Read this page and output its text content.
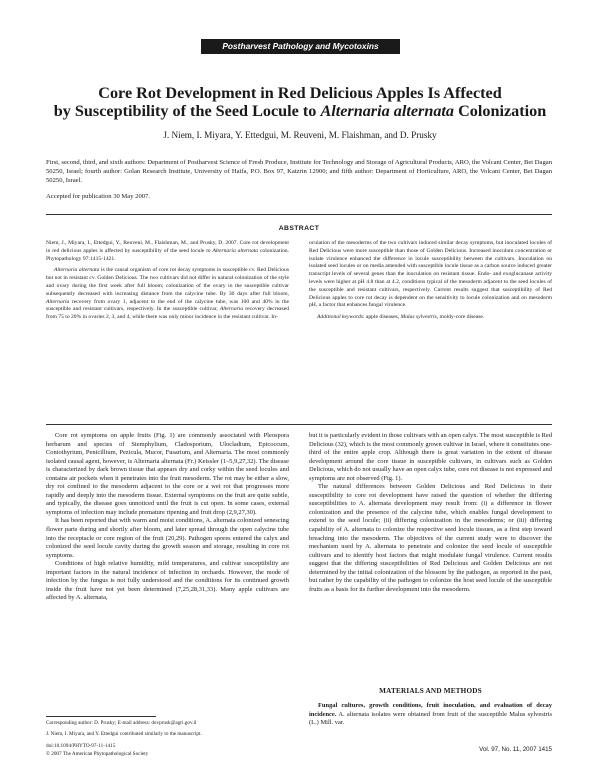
Postharvest Pathology and Mycotoxins
Core Rot Development in Red Delicious Apples Is Affected
by Susceptibility of the Seed Locule to Alternaria alternata Colonization
J. Niem, I. Miyara, Y. Ettedgui, M. Reuveni, M. Flaishman, and D. Prusky
First, second, third, and sixth authors: Department of Postharvest Science of Fresh Produce, Institute for Technology and Storage of Agricultural Products, ARO, the Volcani Center, Bet Dagan 50250, Israel; fourth author: Golan Research Institute, University of Haifa, P.O. Box 97, Katzrin 12900; and fifth author: Department of Horticulture, ARO, the Volcani Center, Bet Dagan 50250, Israel.
Accepted for publication 30 May 2007.
ABSTRACT

Niem, J., Miyara, I., Ettedgui, Y., Reuveni, M., Flaishman, M., and Prusky, D. 2007. Core rot development in red delicious apples is affected by susceptibility of the seed locule to Alternaria alternata colonization. Phytopathology 97:1415-1421.

Alternaria alternata is the causal organism of core rot decay symptoms in susceptible cv. Red Delicious but not in resistant cv. Golden Delicious. The two cultivars did not differ in natural colonization of the style and ovary during the first week after full bloom; colonization of the ovary in the susceptible cultivar subsequently decreased with increasing distance from the calycine tube. By 30 days after full bloom, Alternaria recovery from ovary 1, adjacent to the end of the calycine tube, was 100 and 40% in the susceptible and resistant cultivars, respectively. In the susceptible cultivar, Alternaria recovery decreased from 75 to 20% in ovaries 2, 3, and 4, while there was only minor incidence in the resistant cultivar. In-

oculation of the mesoderms of the two cultivars induced similar decay symptoms, but inoculated locules of Red Delicious were more susceptible than those of Golden Delicious. Increased inoculum concentration or isolate virulence enhanced the difference in locule susceptibility between the cultivars. Inoculation on isolated seed locules or on media amended with susceptible locule tissue as a carbon source induced greater transcript levels of several genes than the inoculation on resistant tissue. Endo- and exoglucanase activity levels were higher at pH 4.8 than at 4.2, conditions typical of the mesoderm adjacent to the seed locules of the susceptible and resistant cultivars, respectively. Current results suggest that susceptibility of Red Delicious apples to core rot decay is dependent on the sensitivity to locule colonization and on mesoderm pH, a factor that enhances fungal virulence.

Additional keywords: apple diseases, Malus sylvestris, moldy-core disease.

Core rot symptoms on apple fruits (Fig. 1) are commonly associated with Pleospora herbarum and species of Stemphylium, Cladosporium, Ulocladium, Epicoccum, Coniothyrium, Penicillium, Pezicula, Mucor, Fusarium, and Alternaria. The most commonly isolated causal agent, however, is Alternaria alternata (Fr.) Keissler (1–5,9,27,32). The disease is characterized by dark brown tissue that appears dry and corky within the seed locules and contains air pockets when it penetrates into the fruit mesoderm. The rot may be either a slow, dry rot confined to the mesoderm adjacent to the core or a wet rot that progresses more rapidly and deeply into the mesoderm tissue. External symptoms on the fruit are quite subtle, and typically, the disease goes unnoticed until the fruit is cut open. In some cases, external symptoms of infection may include premature ripening and fruit drop (2,9,27,30).

It has been reported that with warm and moist conditions, A. alternata colonized senescing flower parts during and shortly after bloom, and later spread through the open calycine tube into the receptacle or core region of the fruit (20,29). Pathogen spores entered the calyx and colonized the seed locule cavity during the growth season and storage, resulting in core rot symptoms.

Conditions of high relative humidity, mild temperatures, and cultivar susceptibility are important factors in the natural incidence of infection in orchards. However, the mode of infection by the fungus is not fully understood and the conditions for its continued growth inside the fruit have not yet been determined (7,25,28,31,33). Many apple cultivars are affected by A. alternata,

Corresponding author: D. Prusky; E-mail address: dovprusk@agri.gov.il
J. Niem, I. Miyara, and Y. Ettedgui contributed similarly to the manuscript.
doi:10.1094/PHYTO-97-11-1415
© 2007 The American Phytopathological Society

but it is particularly evident in those cultivars with an open calyx. The most susceptible is Red Delicious (32), which is the most commonly grown cultivar in Israel, where it constitutes one-third of the entire apple crop. Although there is great variation in the extent of disease development around the core tissue in susceptible cultivars, in cultivars such as Golden Delicious, which do not usually have an open calyx tube, core rot disease is not expressed and symptoms are not observed (Fig. 1).

The natural differences between Golden Delicious and Red Delicious in their susceptibility to core rot development have raised the question of whether the differing susceptibilities to A. alternata development may result from: (i) a difference in flower colonization and the presence of the calycine tube, which enables fungal development to extend to the seed locule; (ii) differing colonization in the mesoderms; or (iii) differing capability of A. alternata to colonize the respective seed locule tissues, as a first step toward breaching into the mesoderm. The objectives of the current study were to discover the mechanism used by A. alternata to penetrate and colonize the seed locule of susceptible cultivars and to identify host factors that might modulate fungal virulence. Current results suggest that the differing susceptibilities of Red Delicious and Golden Delicious are not determined by the initial colonization of the blossom by the pathogen, as reported in the past, but rather by the capability of the pathogen to colonize the host seed locule of the susceptible fruits as a basis for its further development into the mesoderm.

MATERIALS AND METHODS

Fungal cultures, growth conditions, fruit inoculation, and evaluation of decay incidence. A. alternata isolates were obtained from fruit of the susceptible Malus sylvestris (L.) Mill. var.

Vol. 97, No. 11, 2007 1415
